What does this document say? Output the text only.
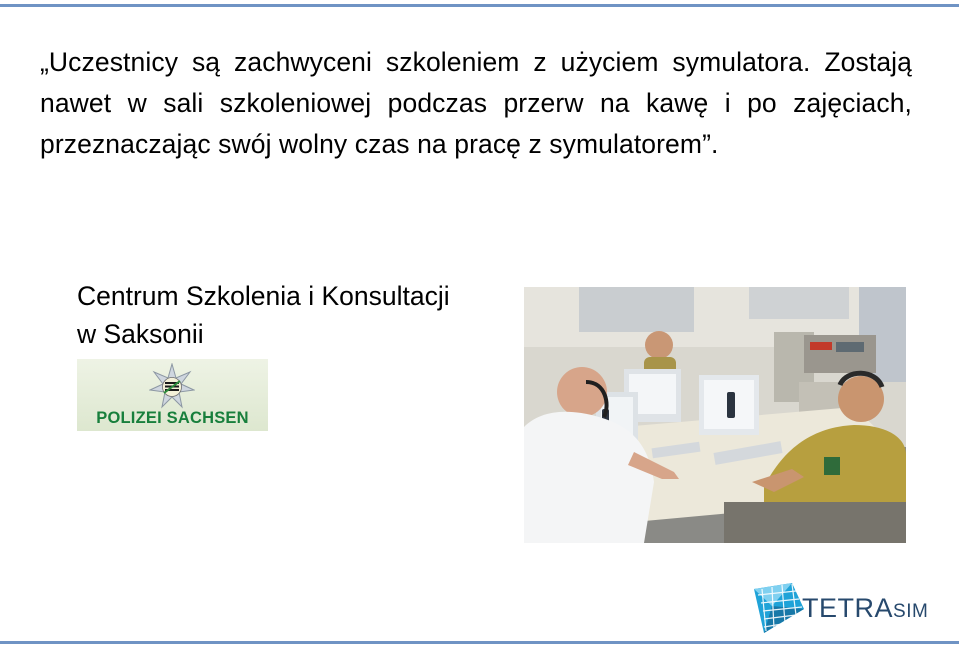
„Uczestnicy są zachwyceni szkoleniem z użyciem symulatora. Zostają nawet w sali szkoleniowej podczas przerw na kawę i po zajęciach, przeznaczając swój wolny czas na pracę z symulatorem”.
Centrum Szkolenia i Konsultacji
w Saksonii
POLIZEI SACHSEN
TETRASIM
